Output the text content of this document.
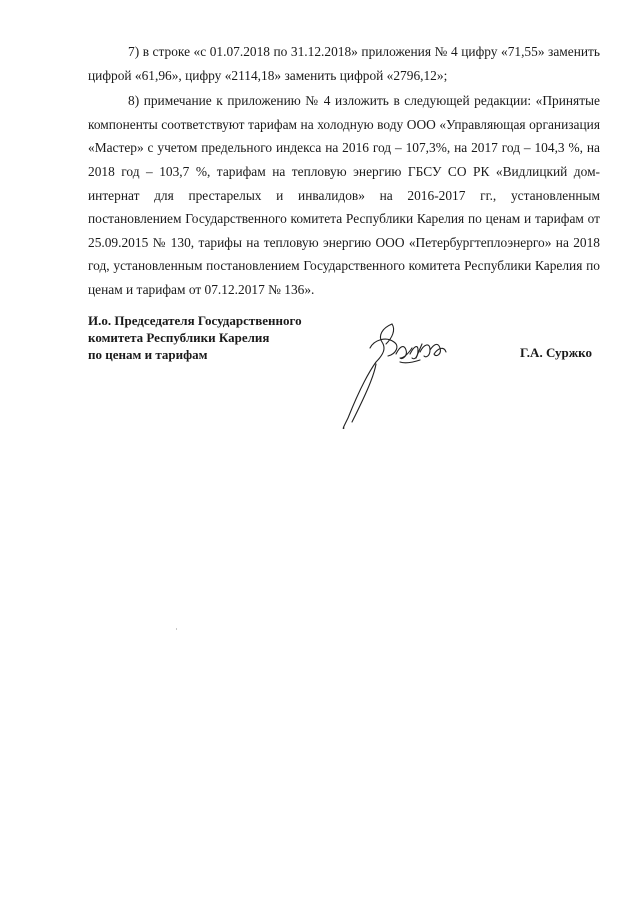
7) в строке «с 01.07.2018 по 31.12.2018» приложения № 4 цифру «71,55» заменить цифрой «61,96», цифру «2114,18» заменить цифрой «2796,12»;

8) примечание к приложению № 4 изложить в следующей редакции: «Принятые компоненты соответствуют тарифам на холодную воду ООО «Управляющая организация «Мастер» с учетом предельного индекса на 2016 год – 107,3%, на 2017 год – 104,3 %, на 2018 год – 103,7 %, тарифам на тепловую энергию ГБСУ СО РК «Видлицкий дом-интернат для престарелых и инвалидов» на 2016-2017 гг., установленным постановлением Государственного комитета Республики Карелия по ценам и тарифам от 25.09.2015 № 130, тарифы на тепловую энергию ООО «Петербургтеплоэнерго» на 2018 год, установленным постановлением Государственного комитета Республики Карелия по ценам и тарифам от 07.12.2017 № 136».

И.о. Председателя Государственного
комитета Республики Карелия
по ценам и тарифам	Г.А. Суржко
